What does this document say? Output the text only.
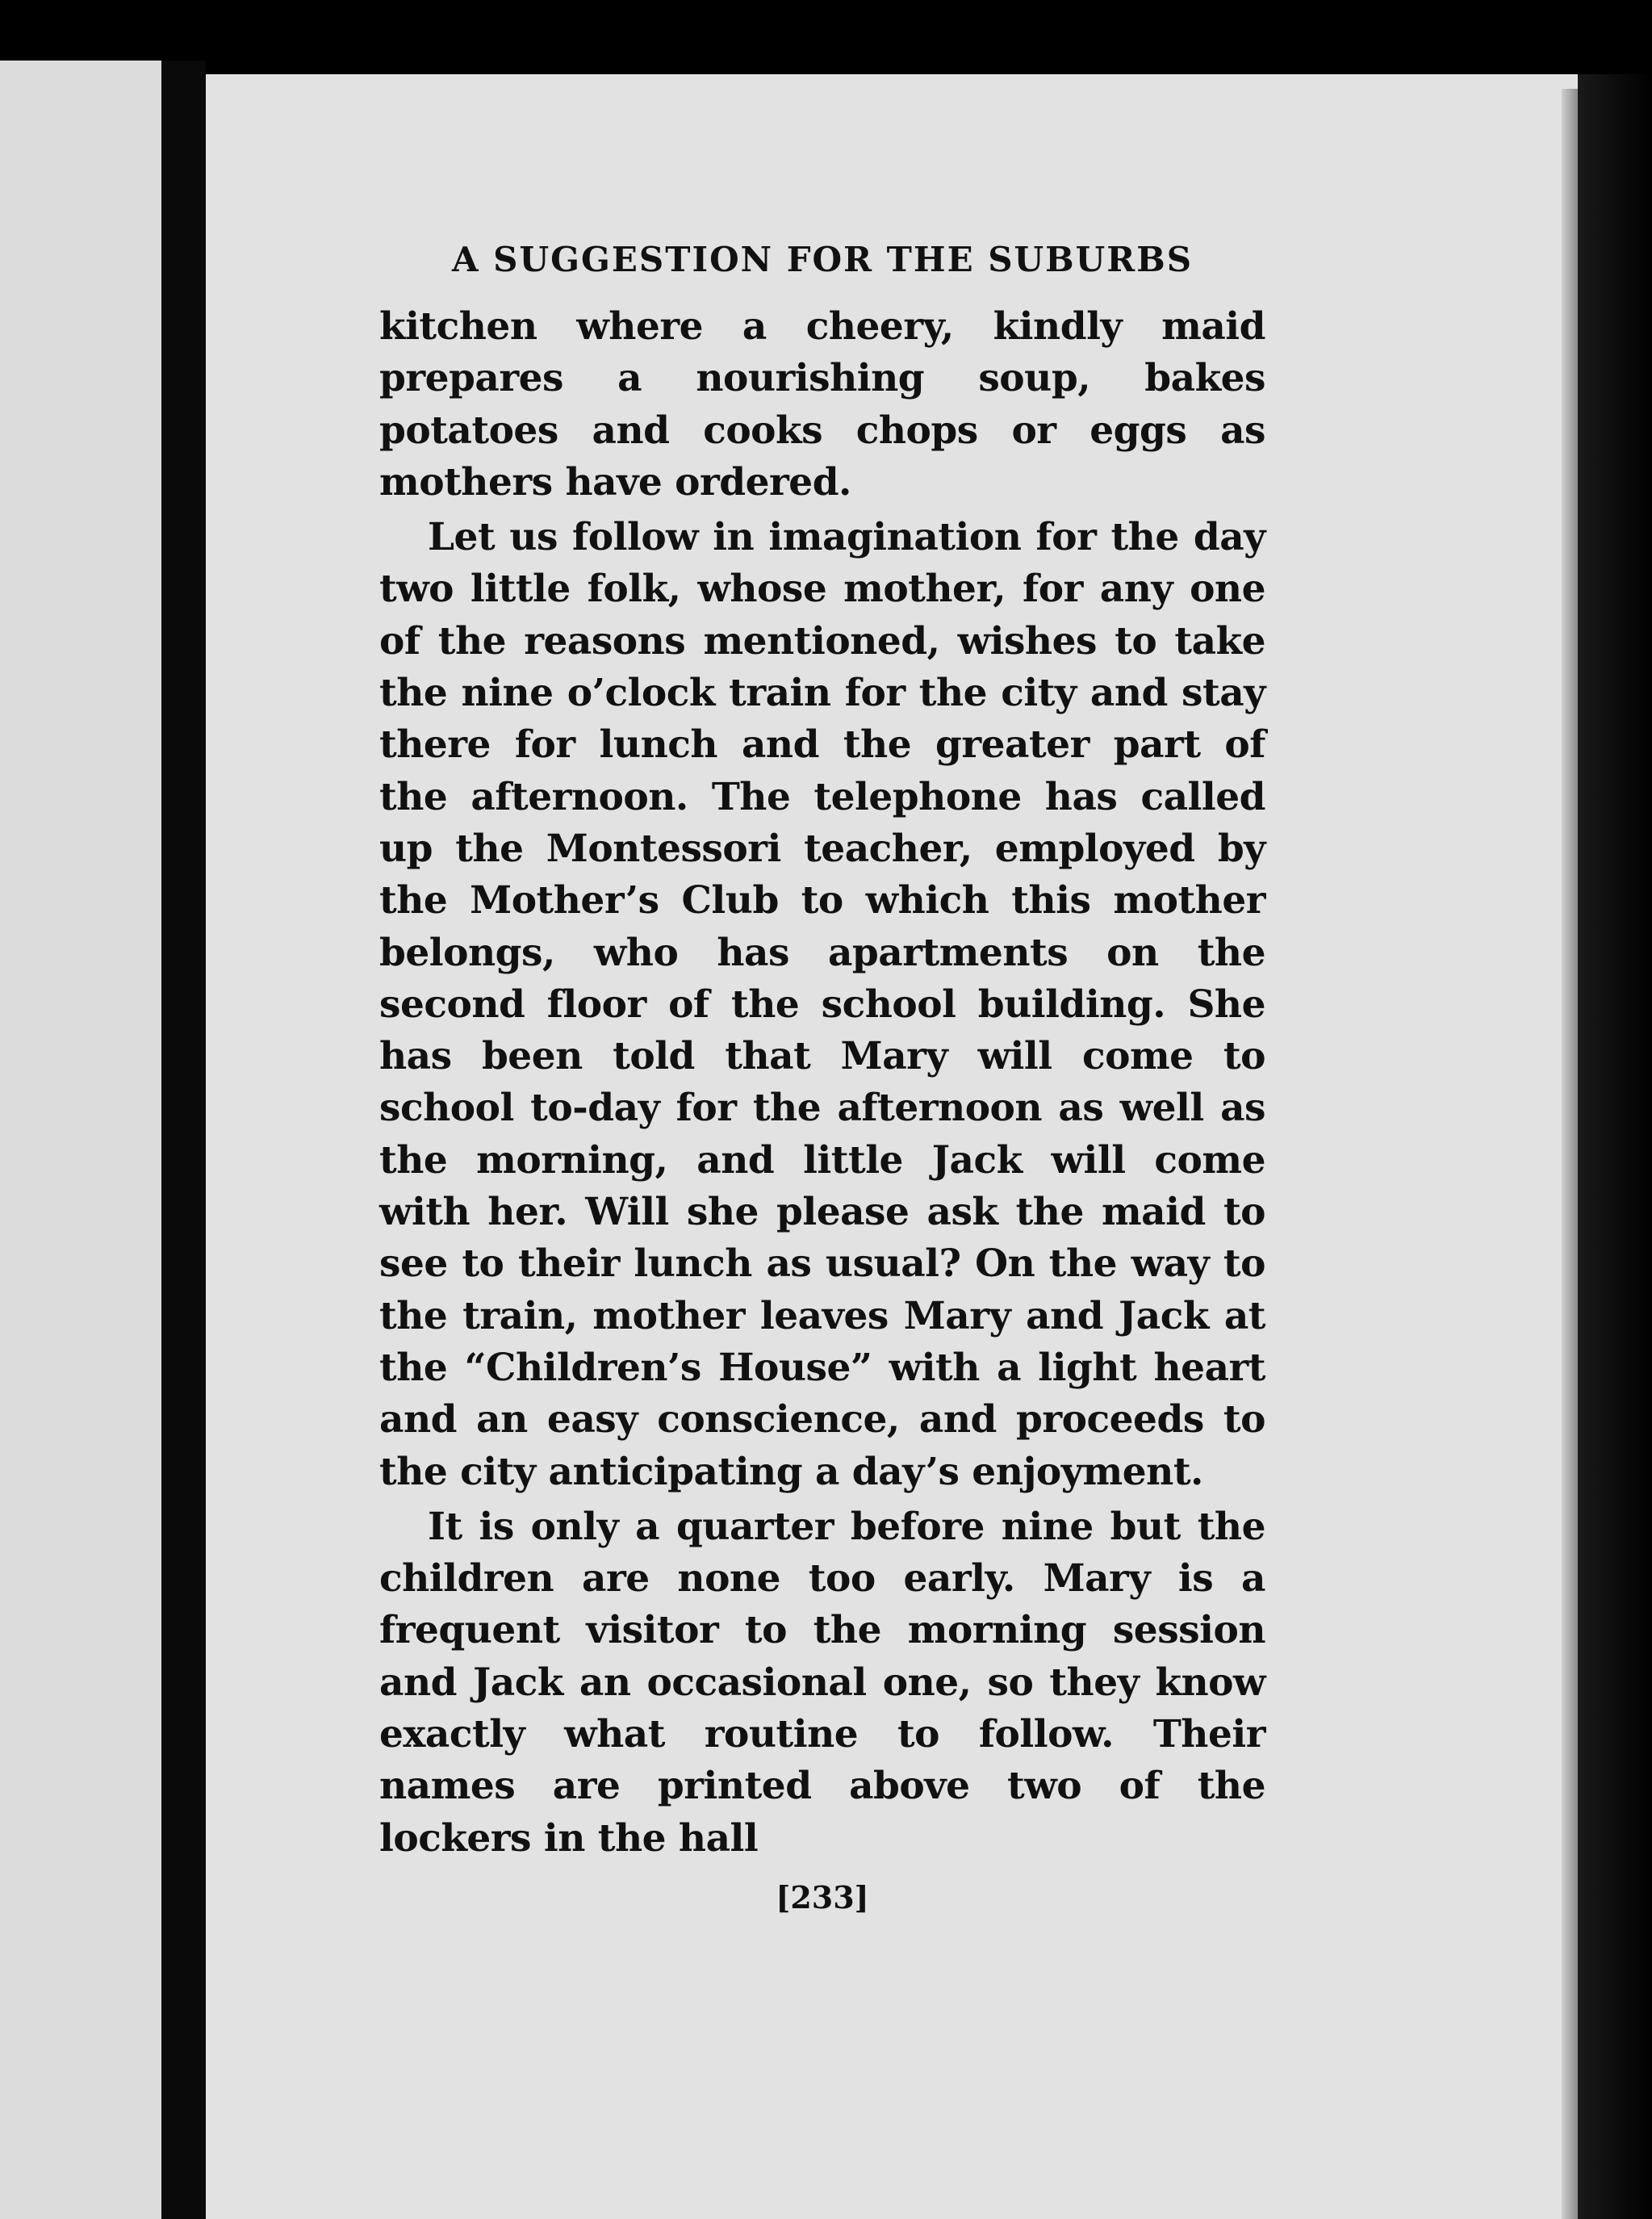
A SUGGESTION FOR THE SUBURBS

kitchen where a cheery, kindly maid prepares a nourishing soup, bakes potatoes and cooks chops or eggs as mothers have ordered.

Let us follow in imagination for the day two little folk, whose mother, for any one of the reasons mentioned, wishes to take the nine o’clock train for the city and stay there for lunch and the greater part of the afternoon. The telephone has called up the Montessori teacher, employed by the Mother’s Club to which this mother belongs, who has apartments on the second floor of the school building. She has been told that Mary will come to school to-day for the afternoon as well as the morning, and little Jack will come with her. Will she please ask the maid to see to their lunch as usual? On the way to the train, mother leaves Mary and Jack at the “Children’s House” with a light heart and an easy conscience, and proceeds to the city anticipating a day’s enjoyment.

It is only a quarter before nine but the children are none too early. Mary is a frequent visitor to the morning session and Jack an occasional one, so they know exactly what routine to follow. Their names are printed above two of the lockers in the hall

[233]
